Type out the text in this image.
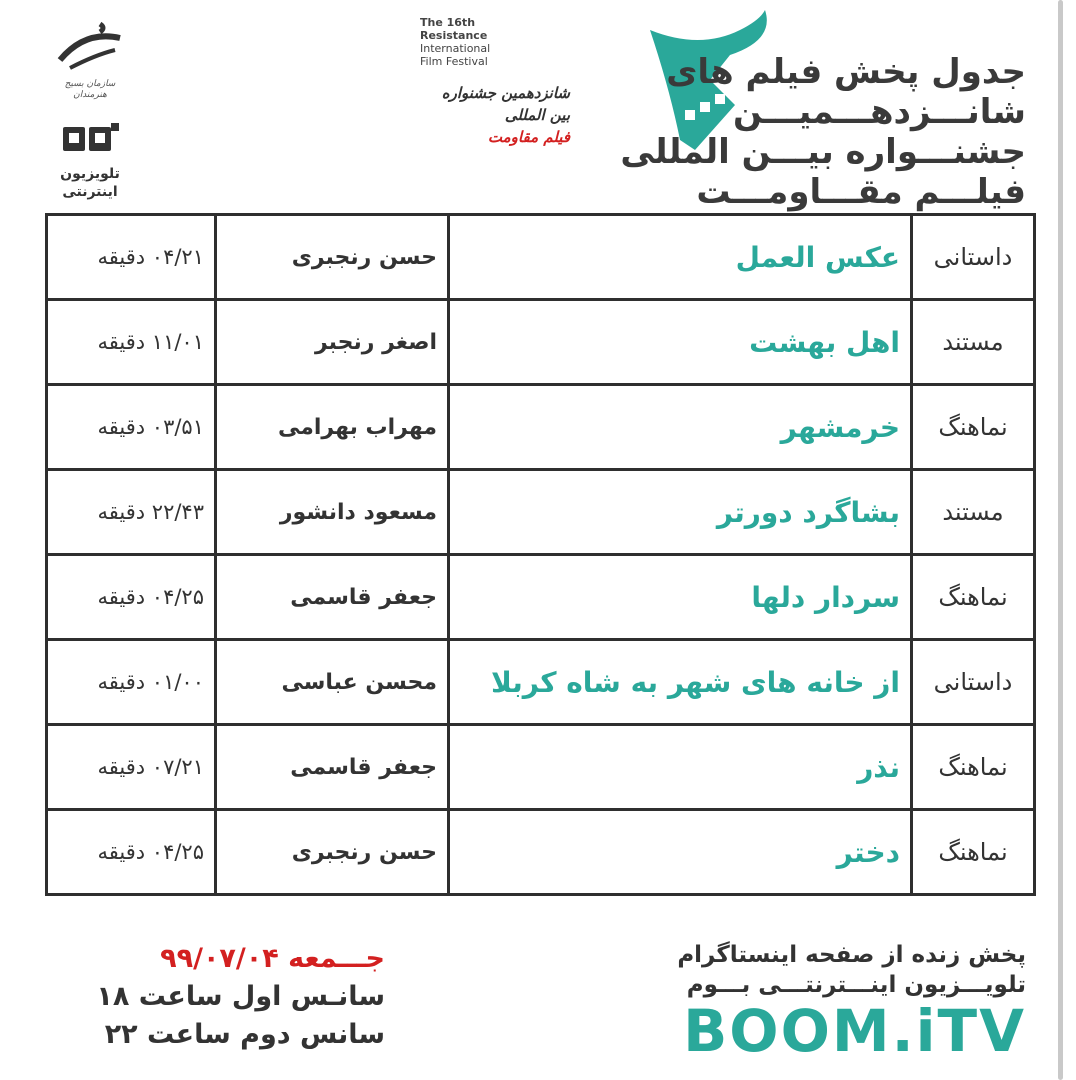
سازمان بسیج هنرمندان
تلویزیون
اینترنتی
The 16th
Resistance
International
Film Festival
شانزدهمین جشنواره بین المللی
فیلم مقاومت
جدول پخش فیلم های
شانـــزدهـــمیـــن
جشنـــواره بیـــن المللی
فیلـــم مقـــاومـــت
داستانی	عکس العمل	حسن رنجبری	۰۴/۲۱ دقیقه
مستند	اهل بهشت	اصغر رنجبر	۱۱/۰۱ دقیقه
نماهنگ	خرمشهر	مهراب بهرامی	۰۳/۵۱ دقیقه
مستند	بشاگرد دورتر	مسعود دانشور	۲۲/۴۳ دقیقه
نماهنگ	سردار دلها	جعفر قاسمی	۰۴/۲۵ دقیقه
داستانی	از خانه های شهر به شاه کربلا	محسن عباسی	۰۱/۰۰ دقیقه
نماهنگ	نذر	جعفر قاسمی	۰۷/۲۱ دقیقه
نماهنگ	دختر	حسن رنجبری	۰۴/۲۵ دقیقه
پخش زنده از صفحه اینستاگرام
تلویـــزیون اینـــترنتـــی بـــوم
BOOM.iTV
جـــمعه ۹۹/۰۷/۰۴
سانـس اول ساعت ۱۸
سانس دوم ساعت ۲۲
